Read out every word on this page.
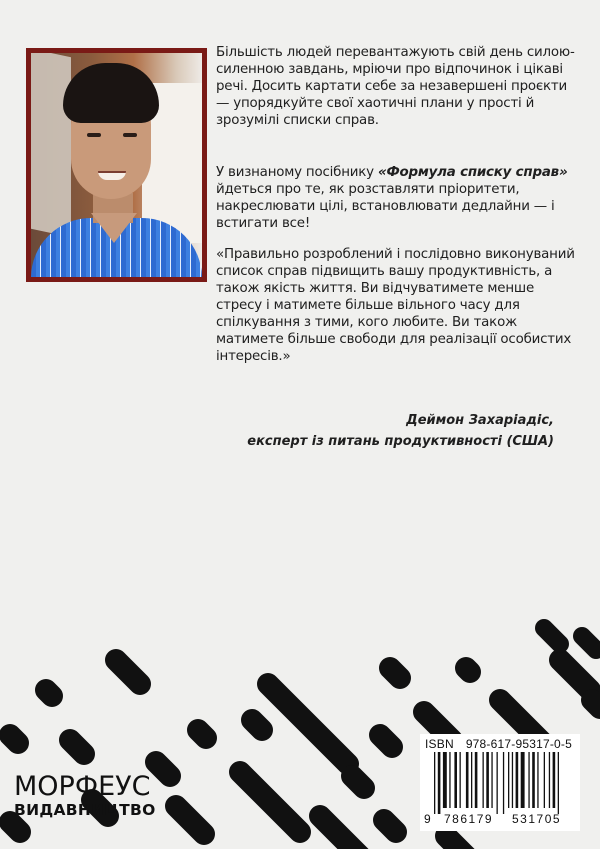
Більшість людей перевантажують свій день силою-силенною завдань, мріючи про відпочинок і цікаві речі. Досить картати себе за незавершені проєкти — упорядкуйте свої хаотичні плани у прості й зрозумілі списки справ.

У визнаному посібнику «Формула списку справ» йдеться про те, як розставляти пріоритети, накреслювати цілі, встановлювати дедлайни — і встигати все!

«Правильно розроблений і послідовно виконуваний список справ підвищить вашу продуктивність, а також якість життя. Ви відчуватимете менше стресу і матимете більше вільного часу для спілкування з тими, кого любите. Ви також матимете більше свободи для реалізації особистих інтересів.»

Деймон Захаріадіс,
експерт із питань продуктивності (США)
МОРФЕУС
ВИДАВНИЦТВО
ISBN 978-617-95317-0-5
9 786179 531705
